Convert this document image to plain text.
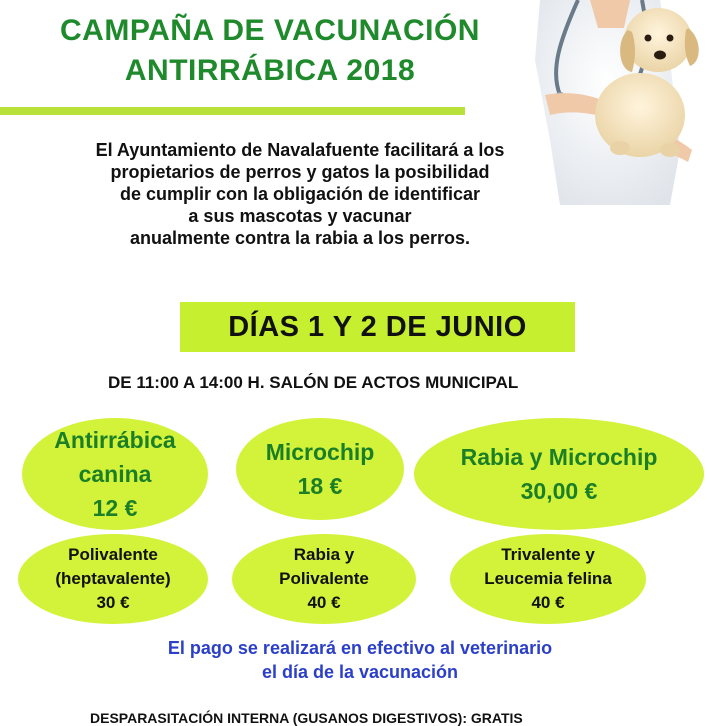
CAMPAÑA DE VACUNACIÓN
ANTIRRÁBICA 2018
El Ayuntamiento de Navalafuente facilitará a los
propietarios de perros y gatos la posibilidad
de cumplir con la obligación de identificar
a sus mascotas y vacunar
anualmente contra la rabia a los perros.
DÍAS 1 Y 2 DE JUNIO
DE 11:00 A 14:00 H. SALÓN DE ACTOS MUNICIPAL
Antirrábica
canina
12 €
Microchip
18 €
Rabia y Microchip
30,00 €
Polivalente
(heptavalente)
30 €
Rabia y
Polivalente
40 €
Trivalente y
Leucemia felina
40 €
El pago se realizará en efectivo al veterinario
el día de la vacunación
DESPARASITACIÓN INTERNA (GUSANOS DIGESTIVOS): GRATIS
